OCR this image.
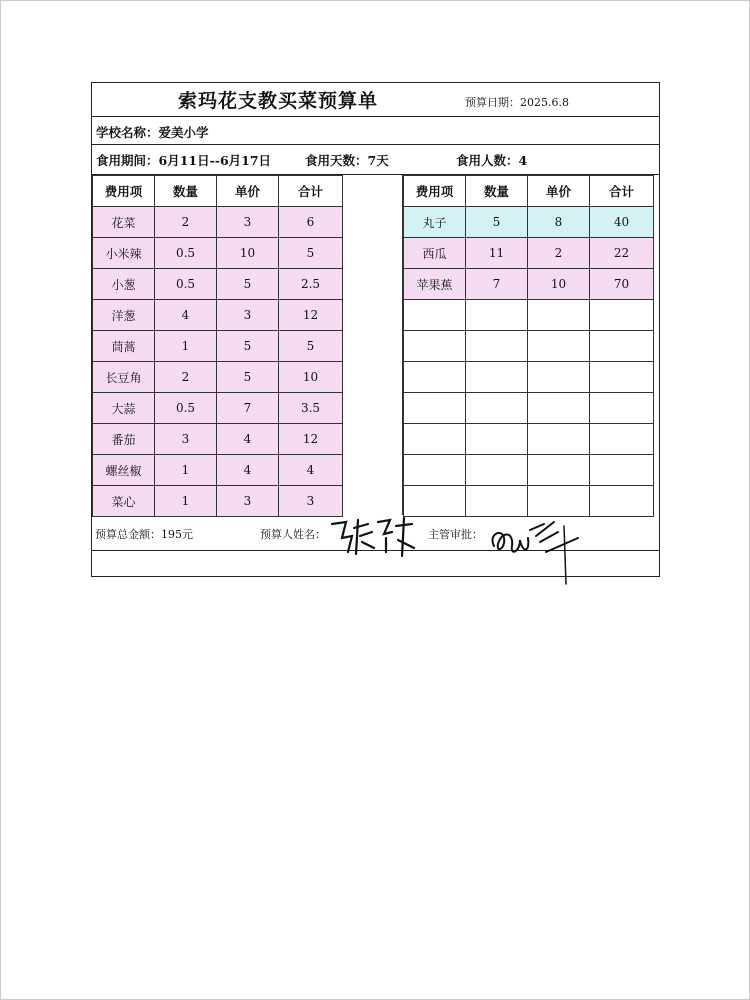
索玛花支教买菜预算单	预算日期：2025.6.8
学校名称：爱美小学
食用期间：6月11日--6月17日	食用天数：7天	食用人数：4
费用项	数量	单价	合计
花菜	2	3	6
小米辣	0.5	10	5
小葱	0.5	5	2.5
洋葱	4	3	12
茼蒿	1	5	5
长豆角	2	5	10
大蒜	0.5	7	3.5
番茄	3	4	12
螺丝椒	1	4	4
菜心	1	3	3
费用项	数量	单价	合计
丸子	5	8	40
西瓜	11	2	22
苹果蕉	7	10	70

预算总金额：195元	预算人姓名：	主管审批：
